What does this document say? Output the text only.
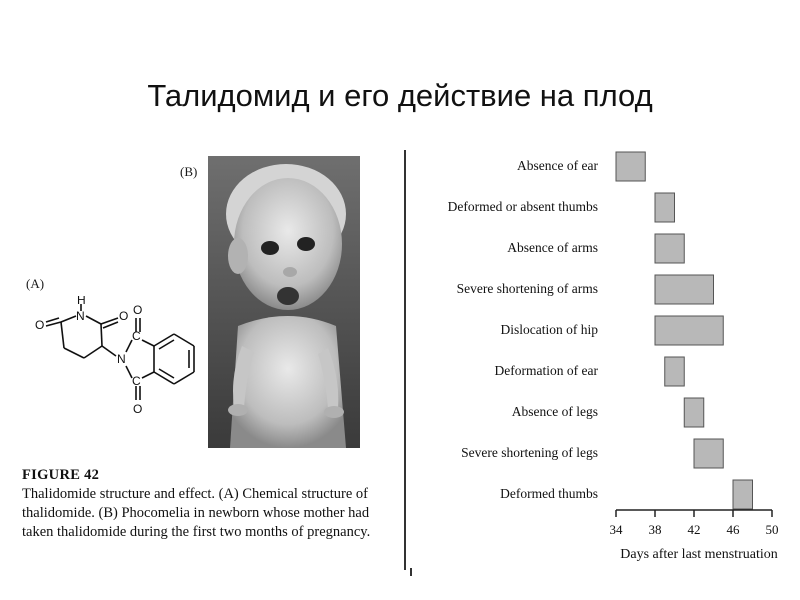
Талидомид и его действие на плод
(B)
(A)
H
N
N
O
O O
O
C
C
FIGURE 42
Thalidomide structure and effect. (A) Chemical structure of thalidomide. (B) Phocomelia in newborn whose mother had taken thalidomide during the first two months of pregnancy.
Absence of ear
Deformed or absent thumbs
Absence of arms
Severe shortening of arms
Dislocation of hip
Deformation of ear
Absence of legs
Severe shortening of legs
Deformed thumbs
34 38 42 46 50
Days after last menstruation
